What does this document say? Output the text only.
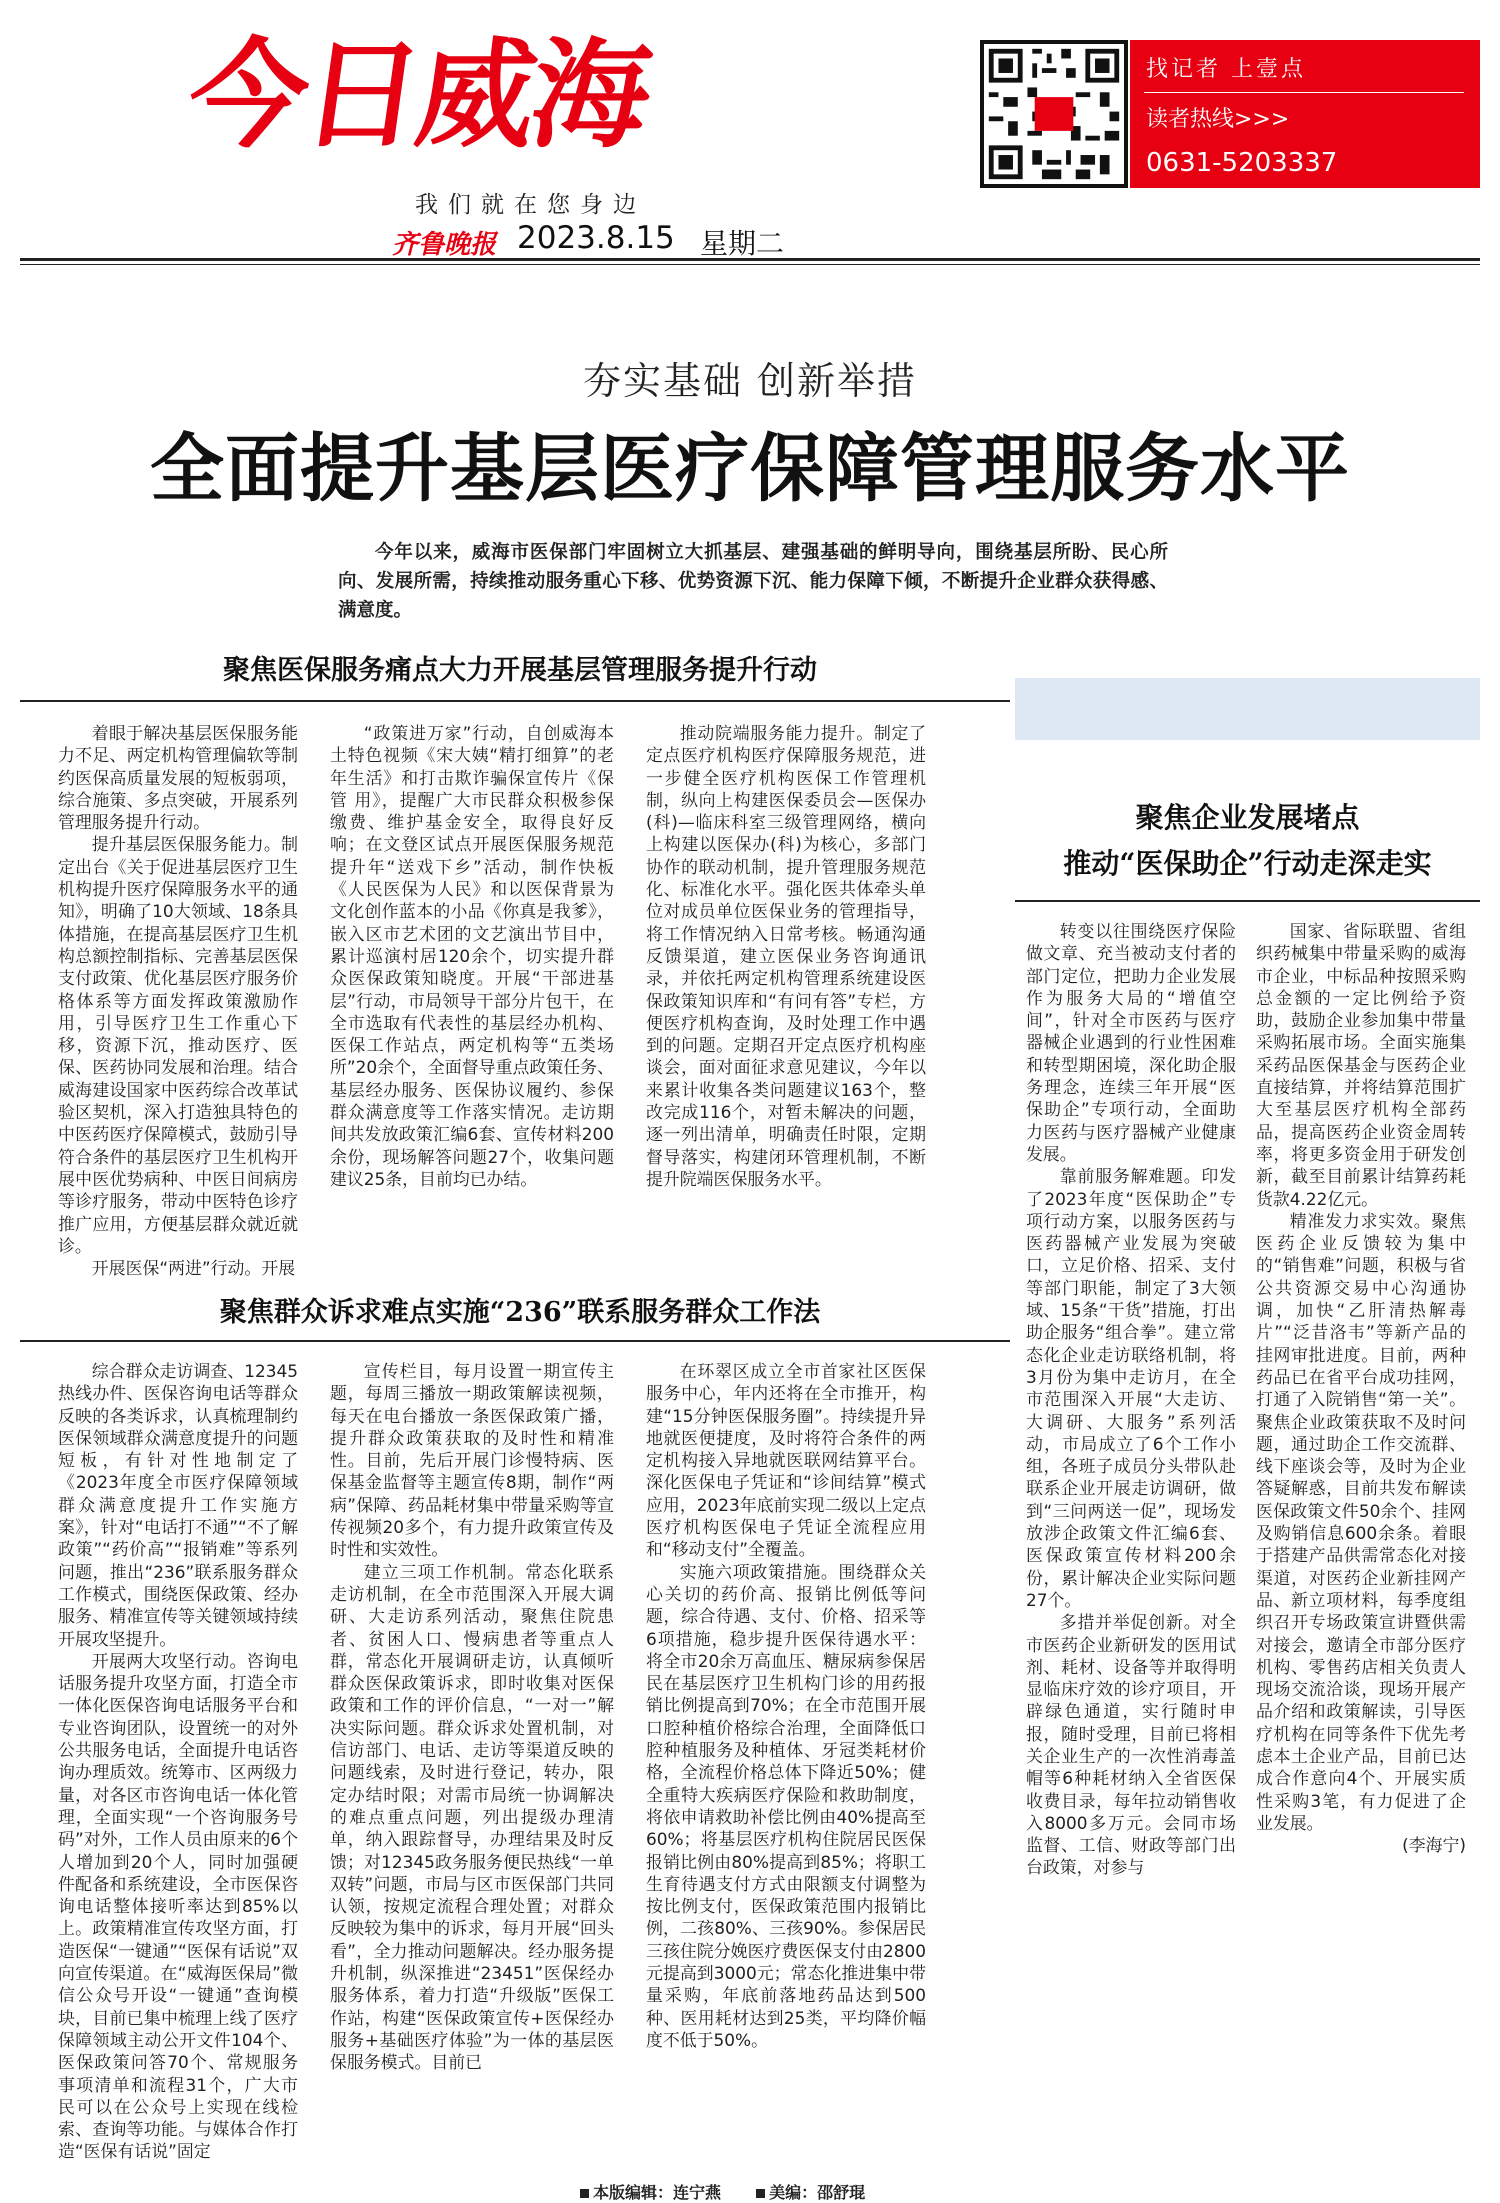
今日威海
我们就在您身边
齐鲁晚报 2023.8.15 星期二
找记者 上壹点
读者热线>>>
0631-5203337
夯实基础 创新举措
全面提升基层医疗保障管理服务水平
今年以来，威海市医保部门牢固树立大抓基层、建强基础的鲜明导向，围绕基层所盼、民心所向、发展所需，持续推动服务重心下移、优势资源下沉、能力保障下倾，不断提升企业群众获得感、满意度。
聚焦医保服务痛点大力开展基层管理服务提升行动

着眼于解决基层医保服务能力不足、两定机构管理偏软等制约医保高质量发展的短板弱项，综合施策、多点突破，开展系列管理服务提升行动。

提升基层医保服务能力。制定出台《关于促进基层医疗卫生机构提升医疗保障服务水平的通知》，明确了10大领域、18条具体措施，在提高基层医疗卫生机构总额控制指标、完善基层医保支付政策、优化基层医疗服务价格体系等方面发挥政策激励作用，引导医疗卫生工作重心下移，资源下沉，推动医疗、医保、医药协同发展和治理。结合威海建设国家中医药综合改革试验区契机，深入打造独具特色的中医药医疗保障模式，鼓励引导符合条件的基层医疗卫生机构开展中医优势病种、中医日间病房等诊疗服务，带动中医特色诊疗推广应用，方便基层群众就近就诊。

开展医保“两进”行动。开展

“政策进万家”行动，自创威海本土特色视频《宋大姨“精打细算”的老年生活》和打击欺诈骗保宣传片《保 管 用》，提醒广大市民群众积极参保缴费、维护基金安全，取得良好反响；在文登区试点开展医保服务规范提升年“送戏下乡”活动，制作快板《人民医保为人民》和以医保背景为文化创作蓝本的小品《你真是我爹》，嵌入区市艺术团的文艺演出节目中，累计巡演村居120余个，切实提升群众医保政策知晓度。开展“干部进基层”行动，市局领导干部分片包干，在全市选取有代表性的基层经办机构、医保工作站点，两定机构等“五类场所”20余个，全面督导重点政策任务、基层经办服务、医保协议履约、参保群众满意度等工作落实情况。走访期间共发放政策汇编6套、宣传材料200余份，现场解答问题27个，收集问题建议25条，目前均已办结。

推动院端服务能力提升。制定了定点医疗机构医疗保障服务规范，进一步健全医疗机构医保工作管理机制，纵向上构建医保委员会—医保办(科)—临床科室三级管理网络，横向上构建以医保办(科)为核心，多部门协作的联动机制，提升管理服务规范化、标准化水平。强化医共体牵头单位对成员单位医保业务的管理指导，将工作情况纳入日常考核。畅通沟通反馈渠道，建立医保业务咨询通讯录，并依托两定机构管理系统建设医保政策知识库和“有问有答”专栏，方便医疗机构查询，及时处理工作中遇到的问题。定期召开定点医疗机构座谈会，面对面征求意见建议，今年以来累计收集各类问题建议163个，整改完成116个，对暂未解决的问题，逐一列出清单，明确责任时限，定期督导落实，构建闭环管理机制，不断提升院端医保服务水平。

聚焦群众诉求难点实施“236”联系服务群众工作法

综合群众走访调查、12345热线办件、医保咨询电话等群众反映的各类诉求，认真梳理制约医保领域群众满意度提升的问题短板，有针对性地制定了《2023年度全市医疗保障领域群众满意度提升工作实施方案》，针对“电话打不通”“不了解政策”“药价高”“报销难”等系列问题，推出“236”联系服务群众工作模式，围绕医保政策、经办服务、精准宣传等关键领域持续开展攻坚提升。

开展两大攻坚行动。咨询电话服务提升攻坚方面，打造全市一体化医保咨询电话服务平台和专业咨询团队，设置统一的对外公共服务电话，全面提升电话咨询办理质效。统筹市、区两级力量，对各区市咨询电话一体化管理，全面实现“一个咨询服务号码”对外，工作人员由原来的6个人增加到20个人，同时加强硬件配备和系统建设，全市医保咨询电话整体接听率达到85%以上。政策精准宣传攻坚方面，打造医保“一键通”“医保有话说”双向宣传渠道。在“威海医保局”微信公众号开设“一键通”查询模块，目前已集中梳理上线了医疗保障领域主动公开文件104个、医保政策问答70个、常规服务事项清单和流程31个，广大市民可以在公众号上实现在线检索、查询等功能。与媒体合作打造“医保有话说”固定

宣传栏目，每月设置一期宣传主题，每周三播放一期政策解读视频，每天在电台播放一条医保政策广播，提升群众政策获取的及时性和精准性。目前，先后开展门诊慢特病、医保基金监督等主题宣传8期，制作“两病”保障、药品耗材集中带量采购等宣传视频20多个，有力提升政策宣传及时性和实效性。

建立三项工作机制。常态化联系走访机制，在全市范围深入开展大调研、大走访系列活动，聚焦住院患者、贫困人口、慢病患者等重点人群，常态化开展调研走访，认真倾听群众医保政策诉求，即时收集对医保政策和工作的评价信息，“一对一”解决实际问题。群众诉求处置机制，对信访部门、电话、走访等渠道反映的问题线索，及时进行登记，转办，限定办结时限；对需市局统一协调解决的难点重点问题，列出提级办理清单，纳入跟踪督导，办理结果及时反馈；对12345政务服务便民热线“一单双转”问题，市局与区市医保部门共同认领，按规定流程合理处置；对群众反映较为集中的诉求，每月开展“回头看”，全力推动问题解决。经办服务提升机制，纵深推进“23451”医保经办服务体系，着力打造“升级版”医保工作站，构建“医保政策宣传+医保经办服务+基础医疗体验”为一体的基层医保服务模式。目前已

在环翠区成立全市首家社区医保服务中心，年内还将在全市推开，构建“15分钟医保服务圈”。持续提升异地就医便捷度，及时将符合条件的两定机构接入异地就医联网结算平台。深化医保电子凭证和“诊间结算”模式应用，2023年底前实现二级以上定点医疗机构医保电子凭证全流程应用和“移动支付”全覆盖。

实施六项政策措施。围绕群众关心关切的药价高、报销比例低等问题，综合待遇、支付、价格、招采等6项措施，稳步提升医保待遇水平：将全市20余万高血压、糖尿病参保居民在基层医疗卫生机构门诊的用药报销比例提高到70%；在全市范围开展口腔种植价格综合治理，全面降低口腔种植服务及种植体、牙冠类耗材价格，全流程价格总体下降近50%；健全重特大疾病医疗保险和救助制度，将依申请救助补偿比例由40%提高至60%；将基层医疗机构住院居民医保报销比例由80%提高到85%；将职工生育待遇支付方式由限额支付调整为按比例支付，医保政策范围内报销比例，二孩80%、三孩90%。参保居民三孩住院分娩医疗费医保支付由2800元提高到3000元；常态化推进集中带量采购，年底前落地药品达到500种、医用耗材达到25类，平均降价幅度不低于50%。

聚焦企业发展堵点
推动“医保助企”行动走深走实

转变以往围绕医疗保险做文章、充当被动支付者的部门定位，把助力企业发展作为服务大局的“增值空间”，针对全市医药与医疗器械企业遇到的行业性困难和转型期困境，深化助企服务理念，连续三年开展“医保助企”专项行动，全面助力医药与医疗器械产业健康发展。

靠前服务解难题。印发了2023年度“医保助企”专项行动方案，以服务医药与医药器械产业发展为突破口，立足价格、招采、支付等部门职能，制定了3大领域、15条“干货”措施，打出助企服务“组合拳”。建立常态化企业走访联络机制，将3月份为集中走访月，在全市范围深入开展“大走访、大调研、大服务”系列活动，市局成立了6个工作小组，各班子成员分头带队赴联系企业开展走访调研，做到“三问两送一促”，现场发放涉企政策文件汇编6套、医保政策宣传材料200余份，累计解决企业实际问题27个。

多措并举促创新。对全市医药企业新研发的医用试剂、耗材、设备等并取得明显临床疗效的诊疗项目，开辟绿色通道，实行随时申报，随时受理，目前已将相关企业生产的一次性消毒盖帽等6种耗材纳入全省医保收费目录，每年拉动销售收入8000多万元。会同市场监督、工信、财政等部门出台政策，对参与

国家、省际联盟、省组织药械集中带量采购的威海市企业，中标品种按照采购总金额的一定比例给予资助，鼓励企业参加集中带量采购拓展市场。全面实施集采药品医保基金与医药企业直接结算，并将结算范围扩大至基层医疗机构全部药品，提高医药企业资金周转率，将更多资金用于研发创新，截至目前累计结算药耗货款4.22亿元。

精准发力求实效。聚焦医药企业反馈较为集中的“销售难”问题，积极与省公共资源交易中心沟通协调，加快“乙肝清热解毒片”“泛昔洛韦”等新产品的挂网审批进度。目前，两种药品已在省平台成功挂网，打通了入院销售“第一关”。聚焦企业政策获取不及时问题，通过助企工作交流群、线下座谈会等，及时为企业答疑解惑，目前共发布解读医保政策文件50余个、挂网及购销信息600余条。着眼于搭建产品供需常态化对接渠道，对医药企业新挂网产品、新立项材料，每季度组织召开专场政策宣讲暨供需对接会，邀请全市部分医疗机构、零售药店相关负责人现场交流洽谈，现场开展产品介绍和政策解读，引导医疗机构在同等条件下优先考虑本土企业产品，目前已达成合作意向4个、开展实质性采购3笔，有力促进了企业发展。

(李海宁)
本版编辑：连宁燕	美编：邵舒琨
